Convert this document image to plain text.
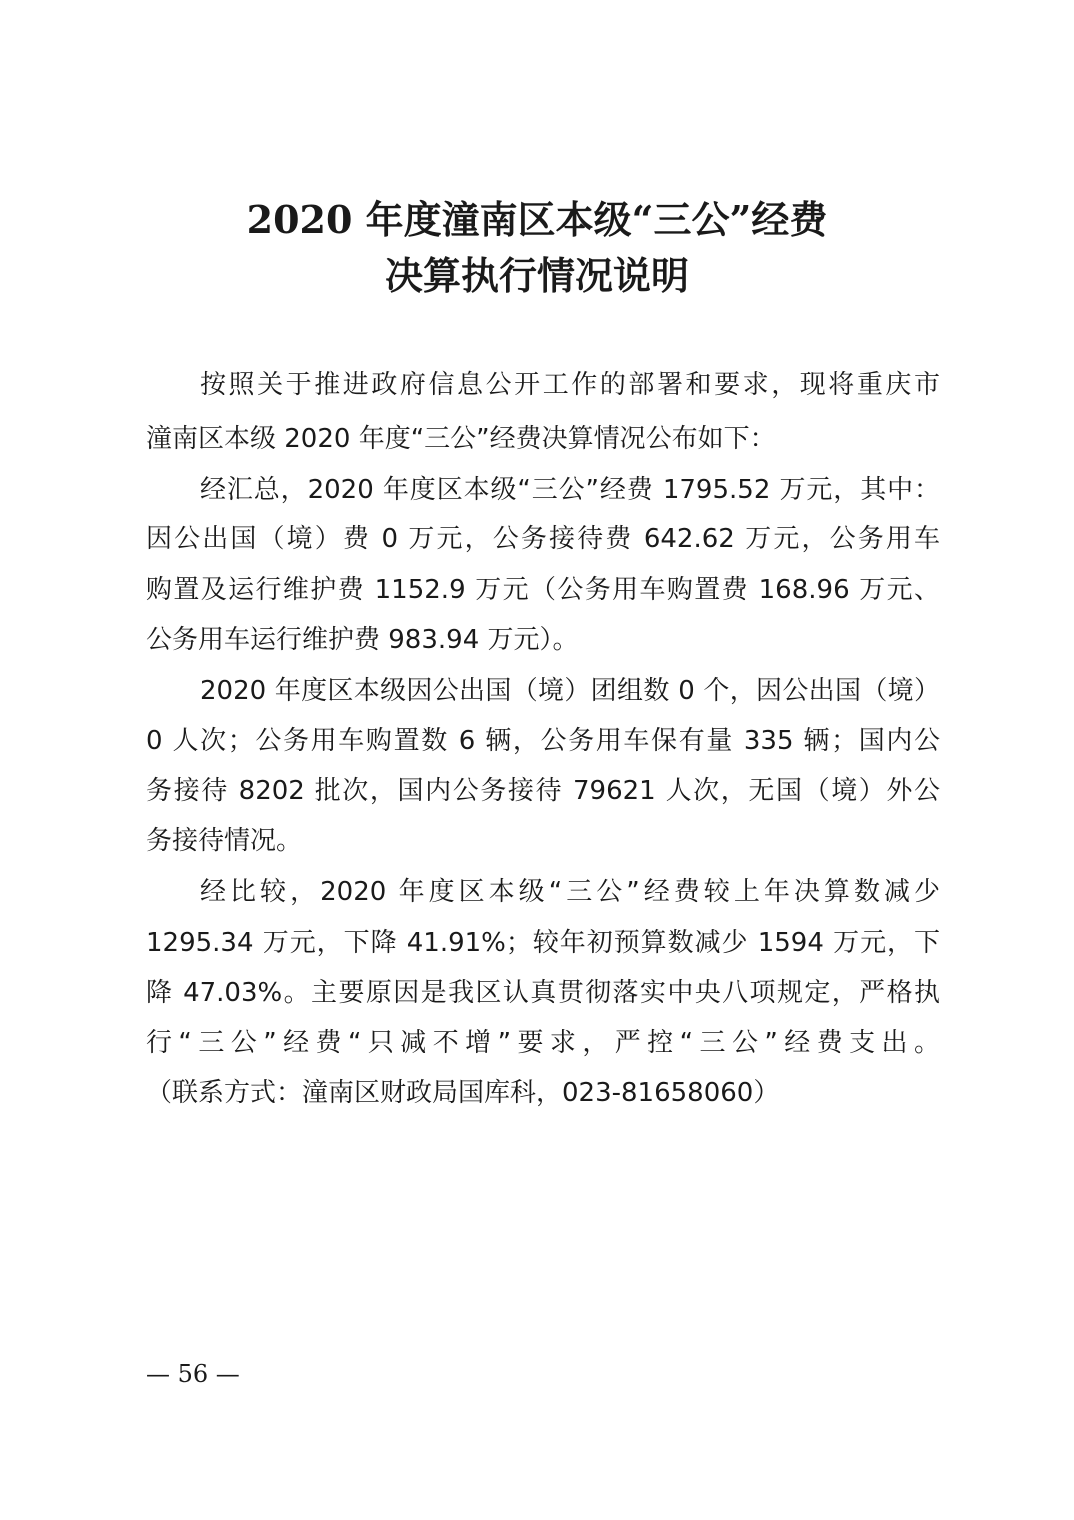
2020 年度潼南区本级“三公”经费
决算执行情况说明
按照关于推进政府信息公开工作的部署和要求，现将重庆市
潼南区本级 2020 年度“三公”经费决算情况公布如下：
经汇总，2020 年度区本级“三公”经费 1795.52 万元，其中：
因公出国（境）费 0 万元，公务接待费 642.62 万元，公务用车
购置及运行维护费 1152.9 万元（公务用车购置费 168.96 万元、
公务用车运行维护费 983.94 万元）。
2020 年度区本级因公出国（境）团组数 0 个，因公出国（境）
0 人次；公务用车购置数 6 辆，公务用车保有量 335 辆；国内公
务接待 8202 批次，国内公务接待 79621 人次，无国（境）外公
务接待情况。
经比较，2020 年度区本级“三公”经费较上年决算数减少
1295.34 万元，下降 41.91%；较年初预算数减少 1594 万元，下
降 47.03%。主要原因是我区认真贯彻落实中央八项规定，严格执
行“三公”经费“只减不增”要求，严控“三公”经费支出。
（联系方式：潼南区财政局国库科，023-81658060）
— 56 —
